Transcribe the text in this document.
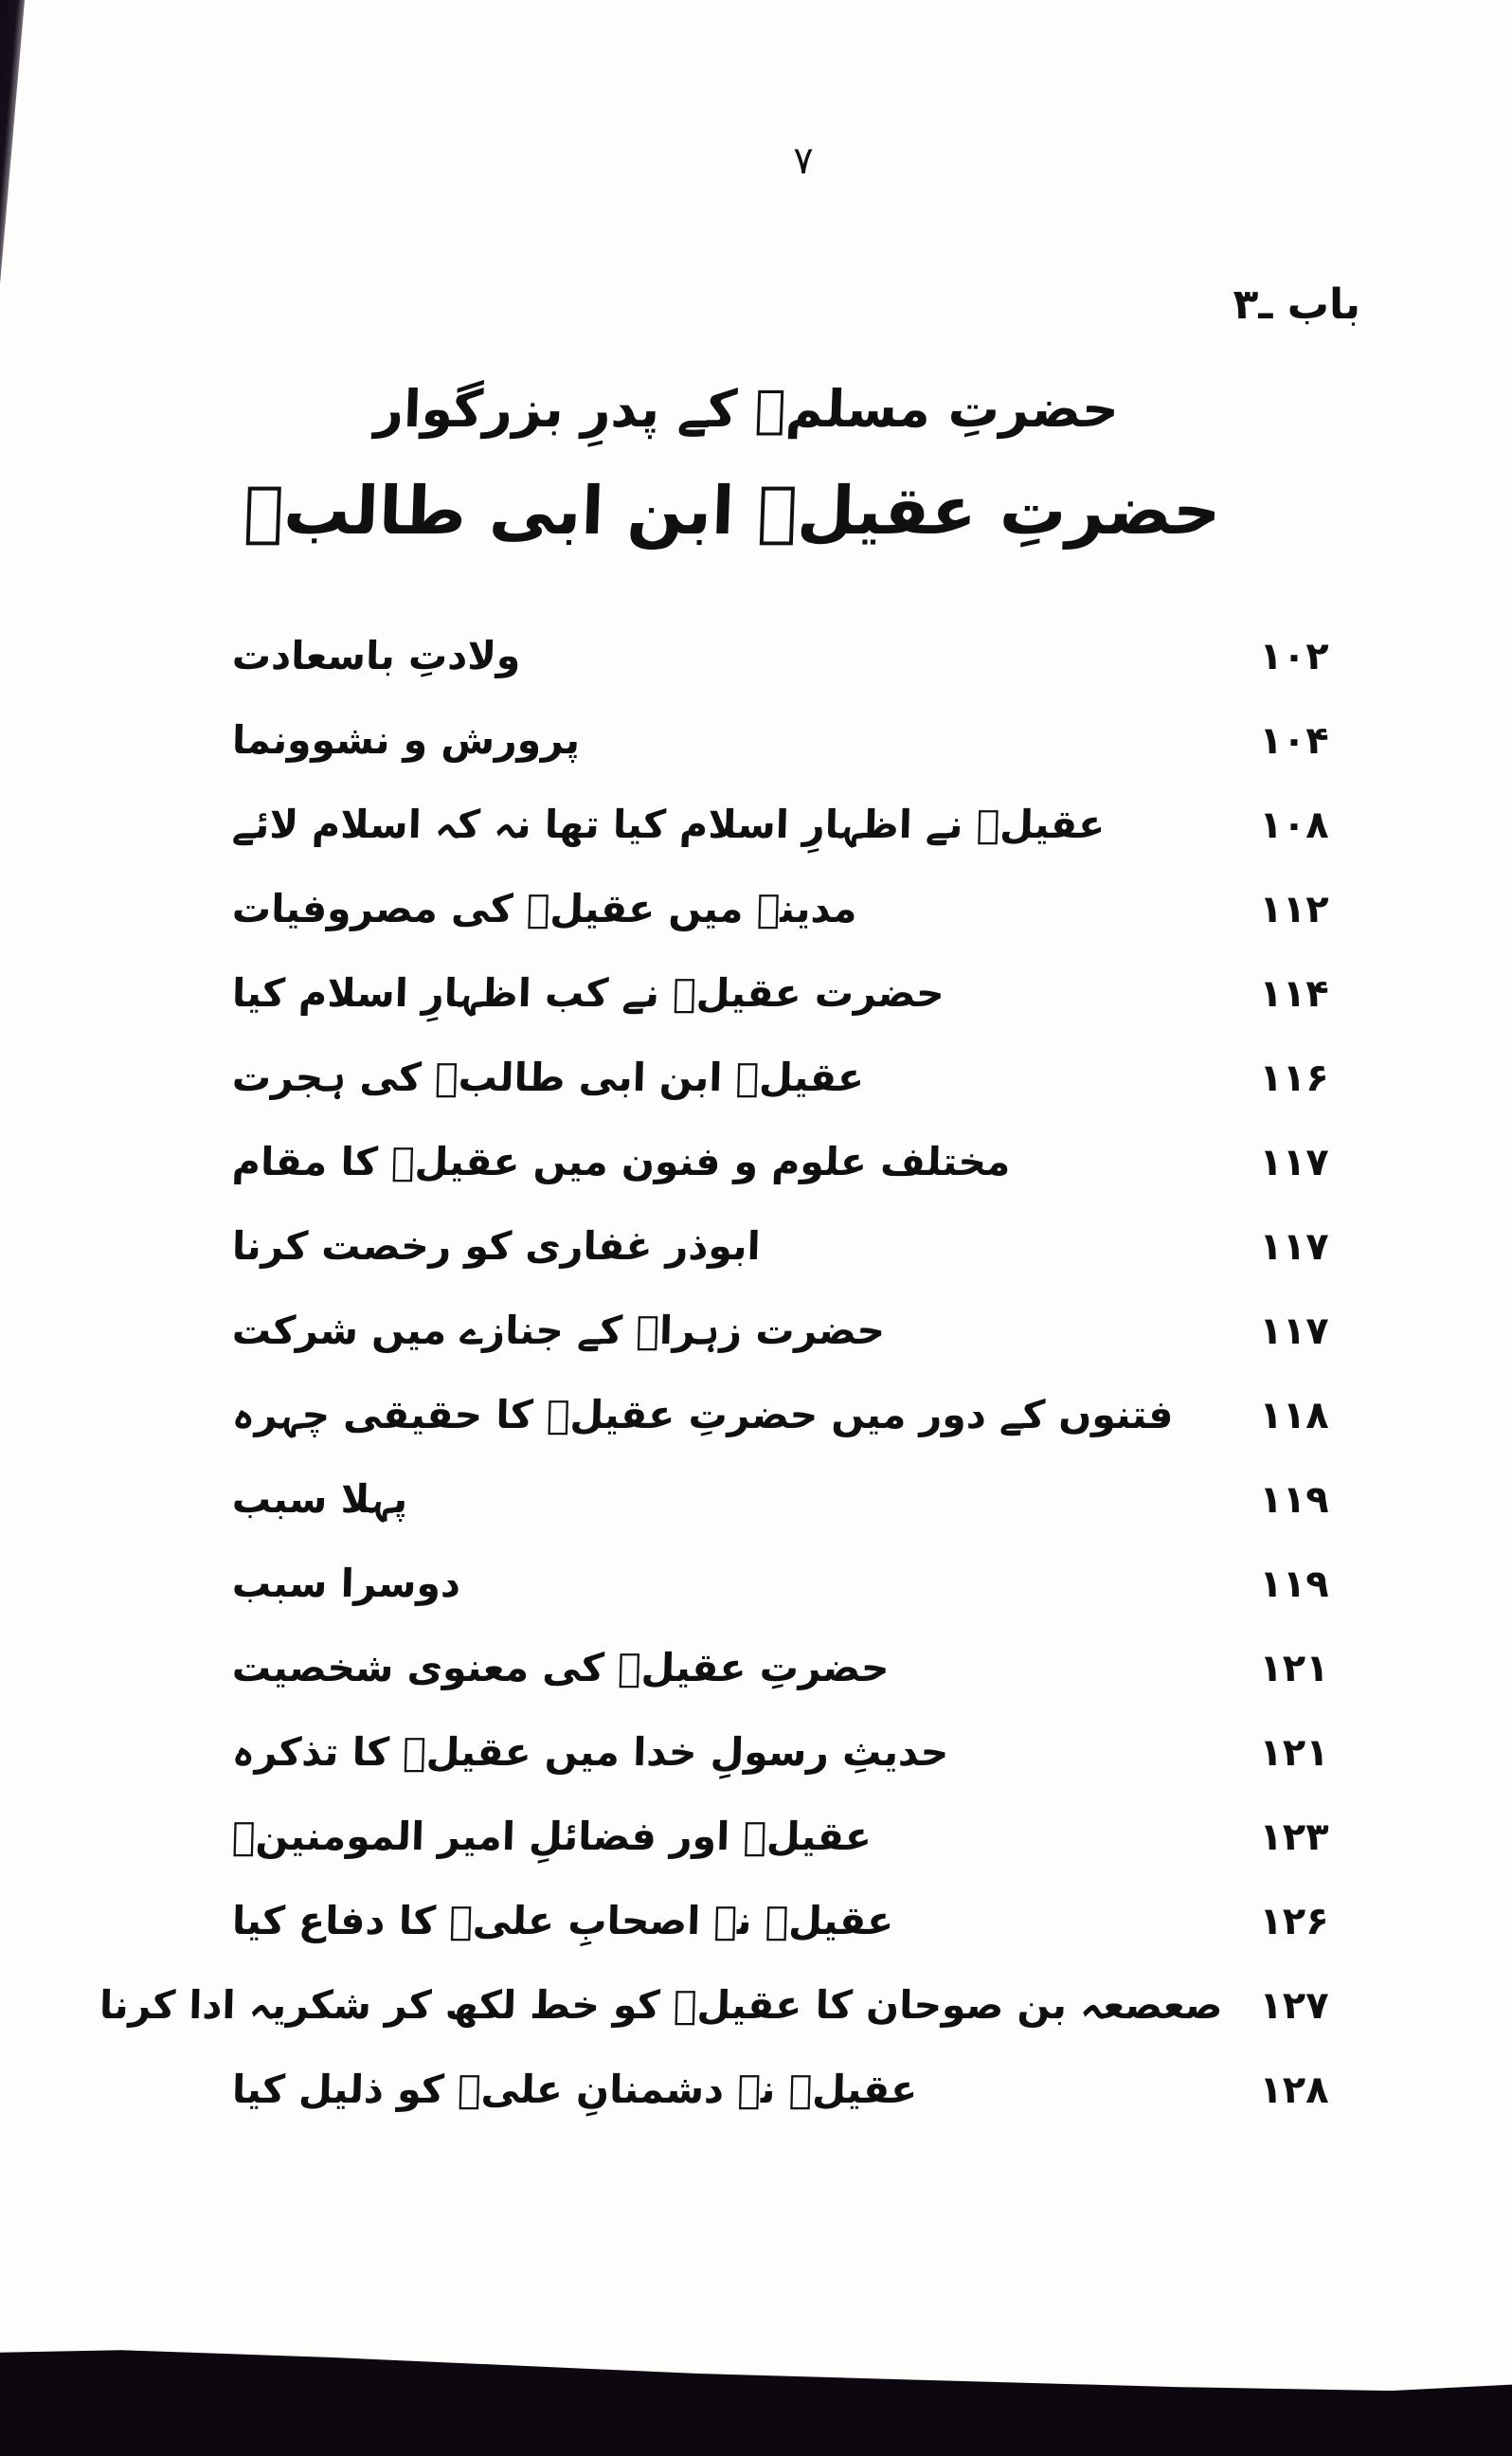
۷
باب ـ۳
حضرتِ مسلمؑ کے پدرِ بزرگوار
حضرتِ عقیلؑ ابن ابی طالبؑ
۱۰۲
ولادتِ باسعادت
۱۰۴
پرورش و نشوونما
۱۰۸
عقیلؑ نے اظہارِ اسلام کیا تھا نہ کہ اسلام لائے
۱۱۲
مدینے میں عقیلؑ کی مصروفیات
۱۱۴
حضرت عقیلؑ نے کب اظہارِ اسلام کیا
۱۱۶
عقیلؑ ابن ابی طالبؑ کی ہجرت
۱۱۷
مختلف علوم و فنون میں عقیلؑ کا مقام
۱۱۷
ابوذر غفاری کو رخصت کرنا
۱۱۷
حضرت زہراؑ کے جنازے میں شرکت
۱۱۸
فتنوں کے دور میں حضرتِ عقیلؑ کا حقیقی چہرہ
۱۱۹
پہلا سبب
۱۱۹
دوسرا سبب
۱۲۱
حضرتِ عقیلؑ کی معنوی شخصیت
۱۲۱
حدیثِ رسولِ خدا میں عقیلؑ کا تذکرہ
۱۲۳
عقیلؑ اور فضائلِ امیر المومنینؑ
۱۲۶
عقیلؑ نے اصحابِ علیؑ کا دفاع کیا
۱۲۷
صعصعہ بن صوحان کا عقیلؑ کو خط لکھ کر شکریہ ادا کرنا
۱۲۸
عقیلؑ نے دشمنانِ علیؑ کو ذلیل کیا
